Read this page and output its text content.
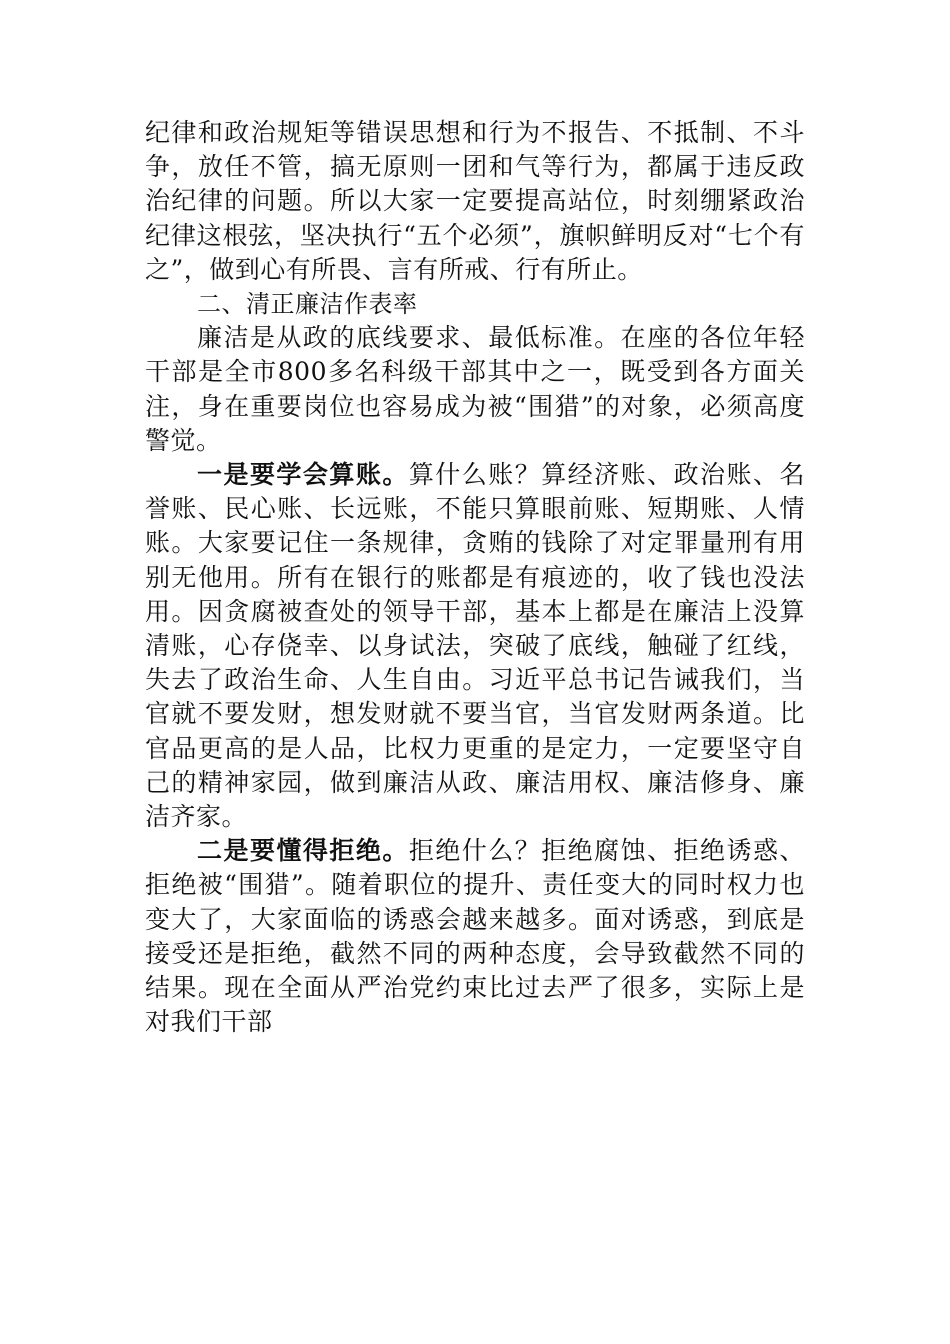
纪律和政治规矩等错误思想和行为不报告、不抵制、不斗争，放任不管，搞无原则一团和气等行为，都属于违反政治纪律的问题。所以大家一定要提高站位，时刻绷紧政治纪律这根弦，坚决执行“五个必须”，旗帜鲜明反对“七个有之”，做到心有所畏、言有所戒、行有所止。

二、清正廉洁作表率

廉洁是从政的底线要求、最低标准。在座的各位年轻干部是全市800多名科级干部其中之一，既受到各方面关注，身在重要岗位也容易成为被“围猎”的对象，必须高度警觉。

一是要学会算账。算什么账？算经济账、政治账、名誉账、民心账、长远账，不能只算眼前账、短期账、人情账。大家要记住一条规律，贪贿的钱除了对定罪量刑有用别无他用。所有在银行的账都是有痕迹的，收了钱也没法用。因贪腐被查处的领导干部，基本上都是在廉洁上没算清账，心存侥幸、以身试法，突破了底线，触碰了红线，失去了政治生命、人生自由。习近平总书记告诫我们，当官就不要发财，想发财就不要当官，当官发财两条道。比官品更高的是人品，比权力更重的是定力，一定要坚守自己的精神家园，做到廉洁从政、廉洁用权、廉洁修身、廉洁齐家。

二是要懂得拒绝。拒绝什么？拒绝腐蚀、拒绝诱惑、拒绝被“围猎”。随着职位的提升、责任变大的同时权力也变大了，大家面临的诱惑会越来越多。面对诱惑，到底是接受还是拒绝，截然不同的两种态度，会导致截然不同的结果。现在全面从严治党约束比过去严了很多，实际上是对我们干部
